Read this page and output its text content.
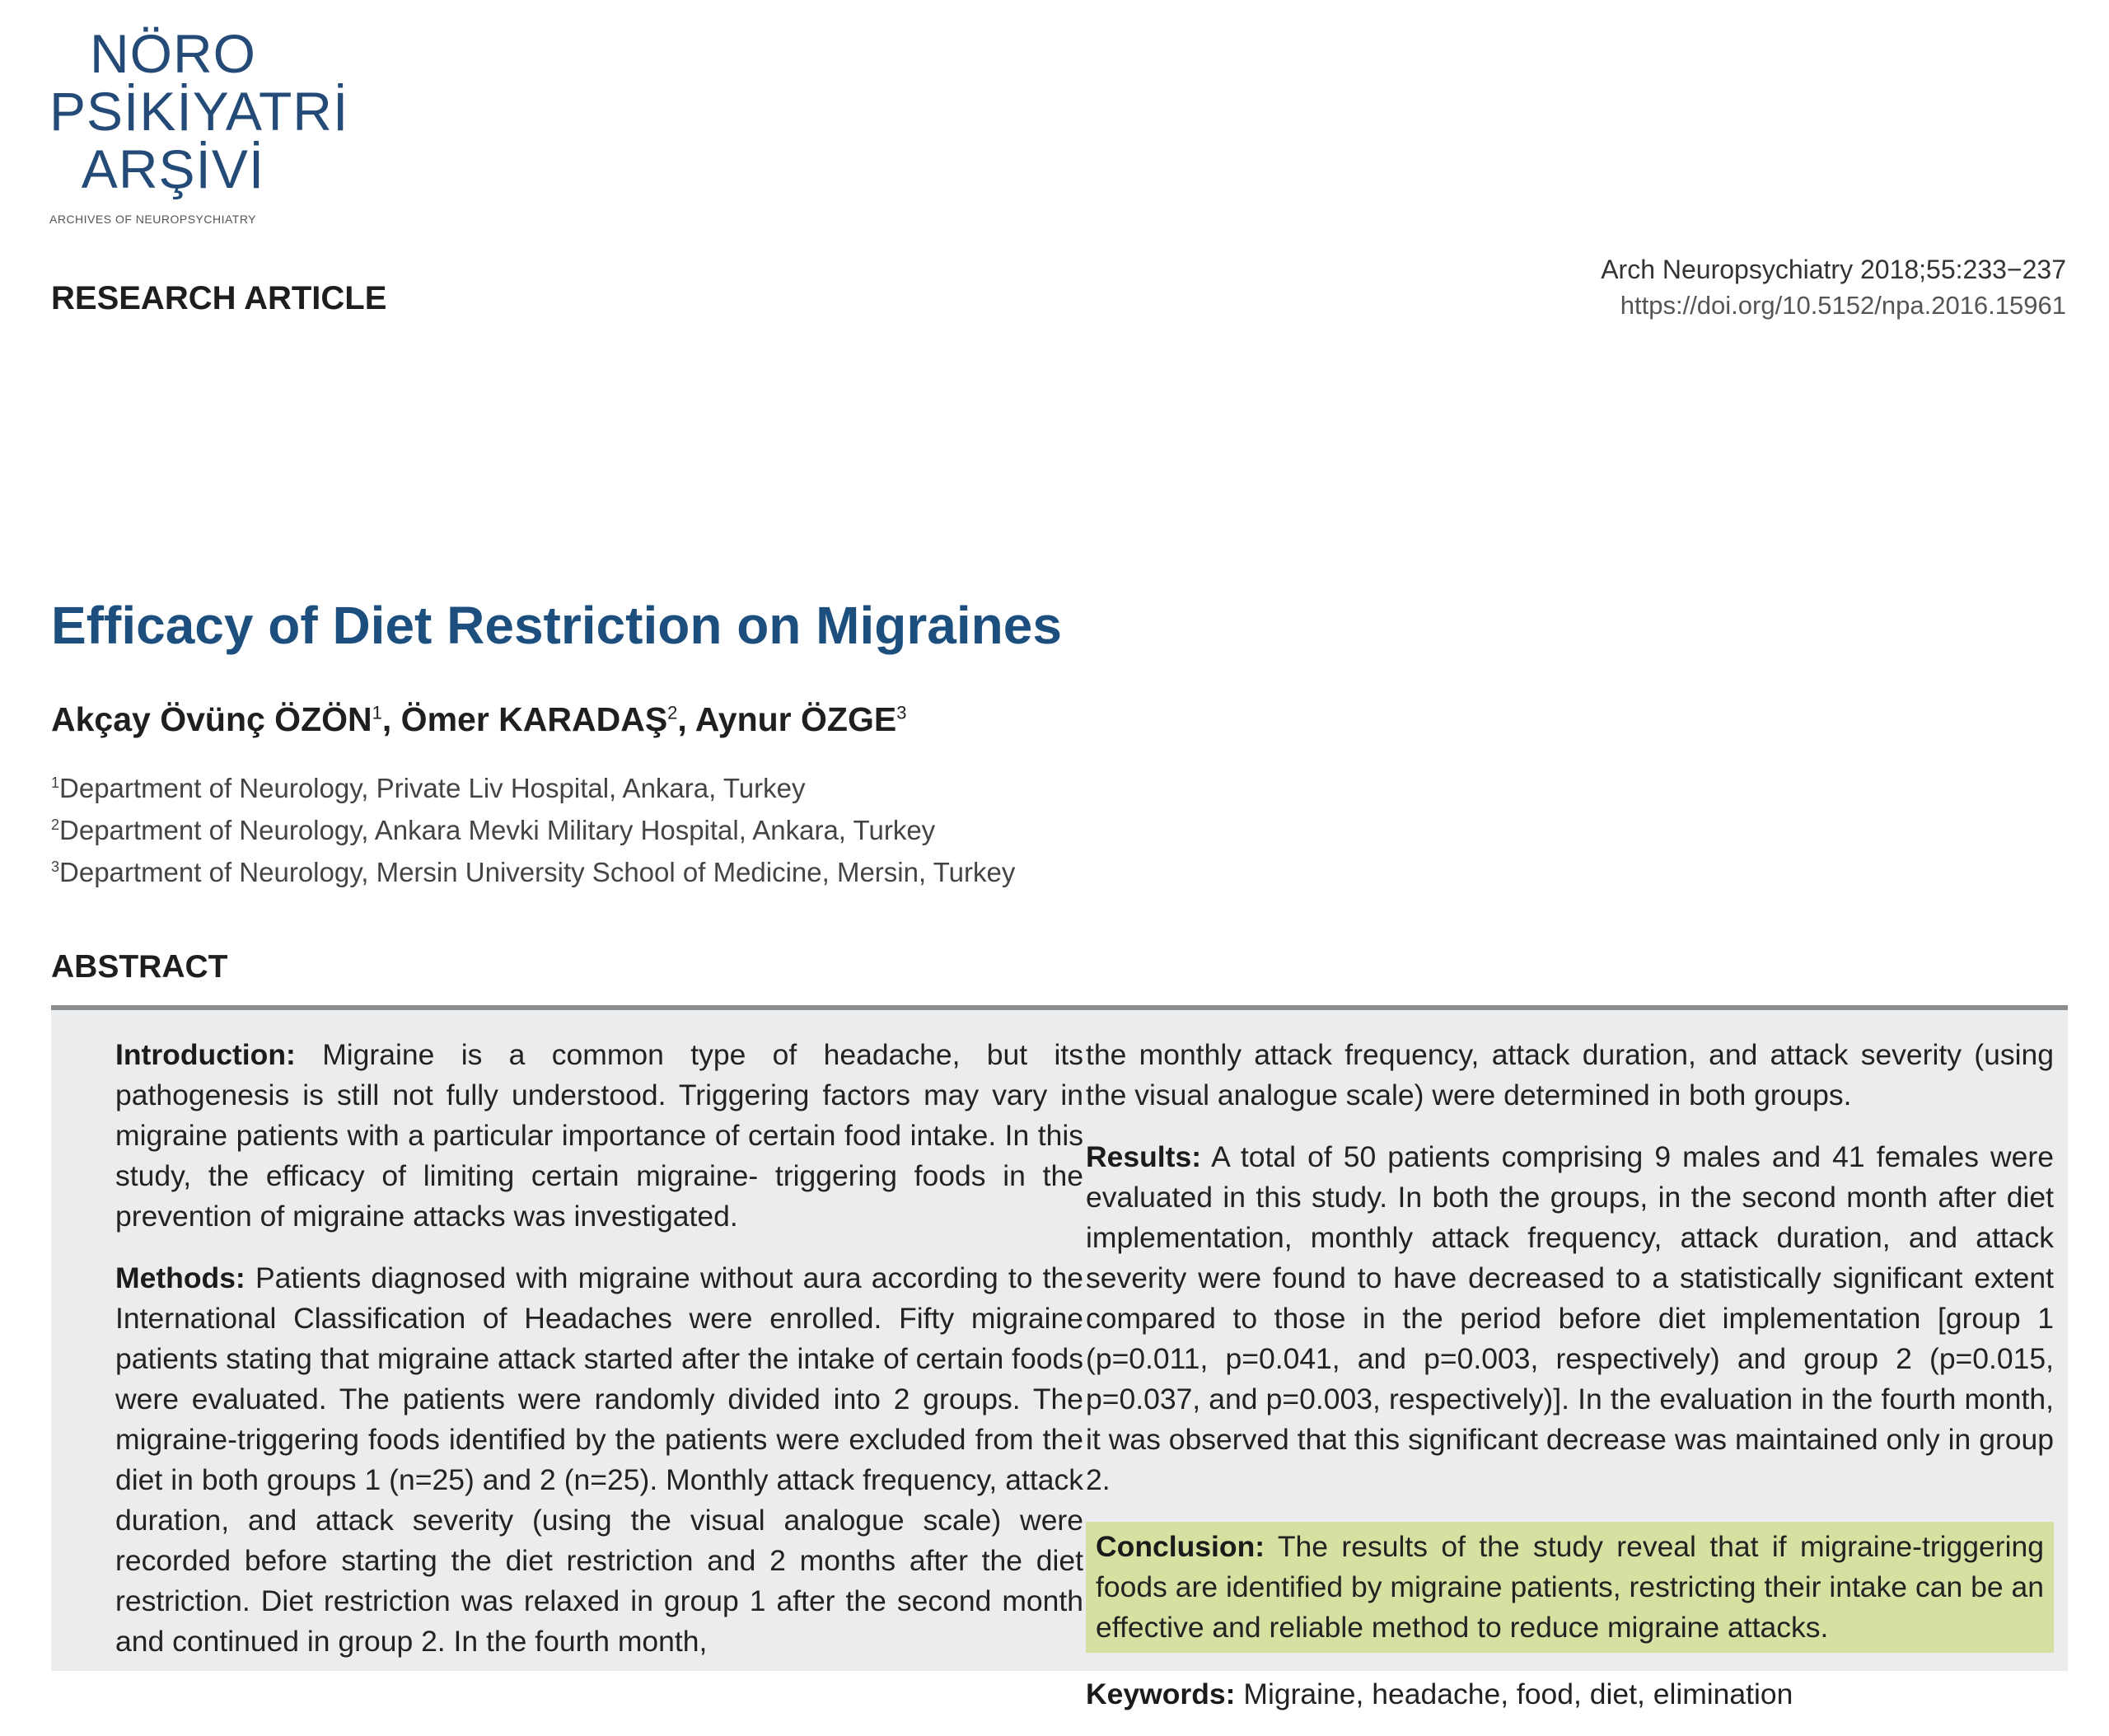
NÖRO
PSİKİYATRİ
ARŞİVİ
ARCHIVES OF NEUROPSYCHIATRY
RESEARCH ARTICLE
Arch Neuropsychiatry 2018;55:233−237
https://doi.org/10.5152/npa.2016.15961
Efficacy of Diet Restriction on Migraines
Akçay Övünç ÖZÖN$^1$, Ömer KARADAŞ$^2$, Aynur ÖZGE$^3$
$^1$Department of Neurology, Private Liv Hospital, Ankara, Turkey
$^2$Department of Neurology, Ankara Mevki Military Hospital, Ankara, Turkey
$^3$Department of Neurology, Mersin University School of Medicine, Mersin, Turkey
ABSTRACT

Introduction: Migraine is a common type of headache, but its pathogenesis is still not fully understood. Triggering factors may vary in migraine patients with a particular importance of certain food intake. In this study, the efficacy of limiting certain migraine- triggering foods in the prevention of migraine attacks was investigated.

Methods: Patients diagnosed with migraine without aura according to the International Classification of Headaches were enrolled. Fifty migraine patients stating that migraine attack started after the intake of certain foods were evaluated. The patients were randomly divided into 2 groups. The migraine-triggering foods identified by the patients were excluded from the diet in both groups 1 (n=25) and 2 (n=25). Monthly attack frequency, attack duration, and attack severity (using the visual analogue scale) were recorded before starting the diet restriction and 2 months after the diet restriction. Diet restriction was relaxed in group 1 after the second month and continued in group 2. In the fourth month,

the monthly attack frequency, attack duration, and attack severity (using the visual analogue scale) were determined in both groups.

Results: A total of 50 patients comprising 9 males and 41 females were evaluated in this study. In both the groups, in the second month after diet implementation, monthly attack frequency, attack duration, and attack severity were found to have decreased to a statistically significant extent compared to those in the period before diet implementation [group 1 (p=0.011, p=0.041, and p=0.003, respectively) and group 2 (p=0.015, p=0.037, and p=0.003, respectively)]. In the evaluation in the fourth month, it was observed that this significant decrease was maintained only in group 2.

Conclusion: The results of the study reveal that if migraine-triggering foods are identified by migraine patients, restricting their intake can be an effective and reliable method to reduce migraine attacks.

Keywords: Migraine, headache, food, diet, elimination
